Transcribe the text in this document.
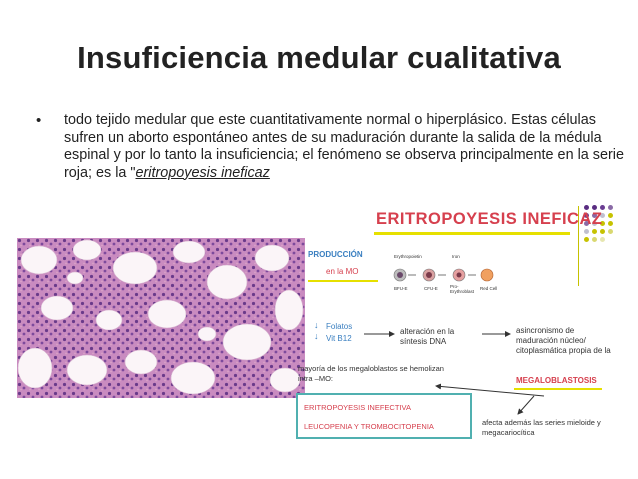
Insuficiencia medular cualitativa
• todo tejido medular que este cuantitativamente normal o hiperplásico. Estas células sufren un aborto espontáneo antes de su maduración durante la salida de la médula espinal y por lo tanto la insuficiencia; el fenómeno se observa principalmente en la serie roja; es la "eritropoyesis ineficaz
ERITROPOYESIS INEFICAZ
PRODUCCIÓN
en la MO
Erythropoietin	Iron
BFU-E	CFU-E	Pro-Erythroblast
Red Cell
↓
↓
Folatos
Vit B12
alteración en la síntesis DNA
asincronismo de maduración núcleo/ citoplasmática propia de la
MEGALOBLASTOSIS
mayoría de los megaloblastos se hemolizan intra –MO:
ERITROPOYESIS INEFECTIVA
LEUCOPENIA Y TROMBOCITOPENIA	afecta además las series mieloide y megacariocítica
